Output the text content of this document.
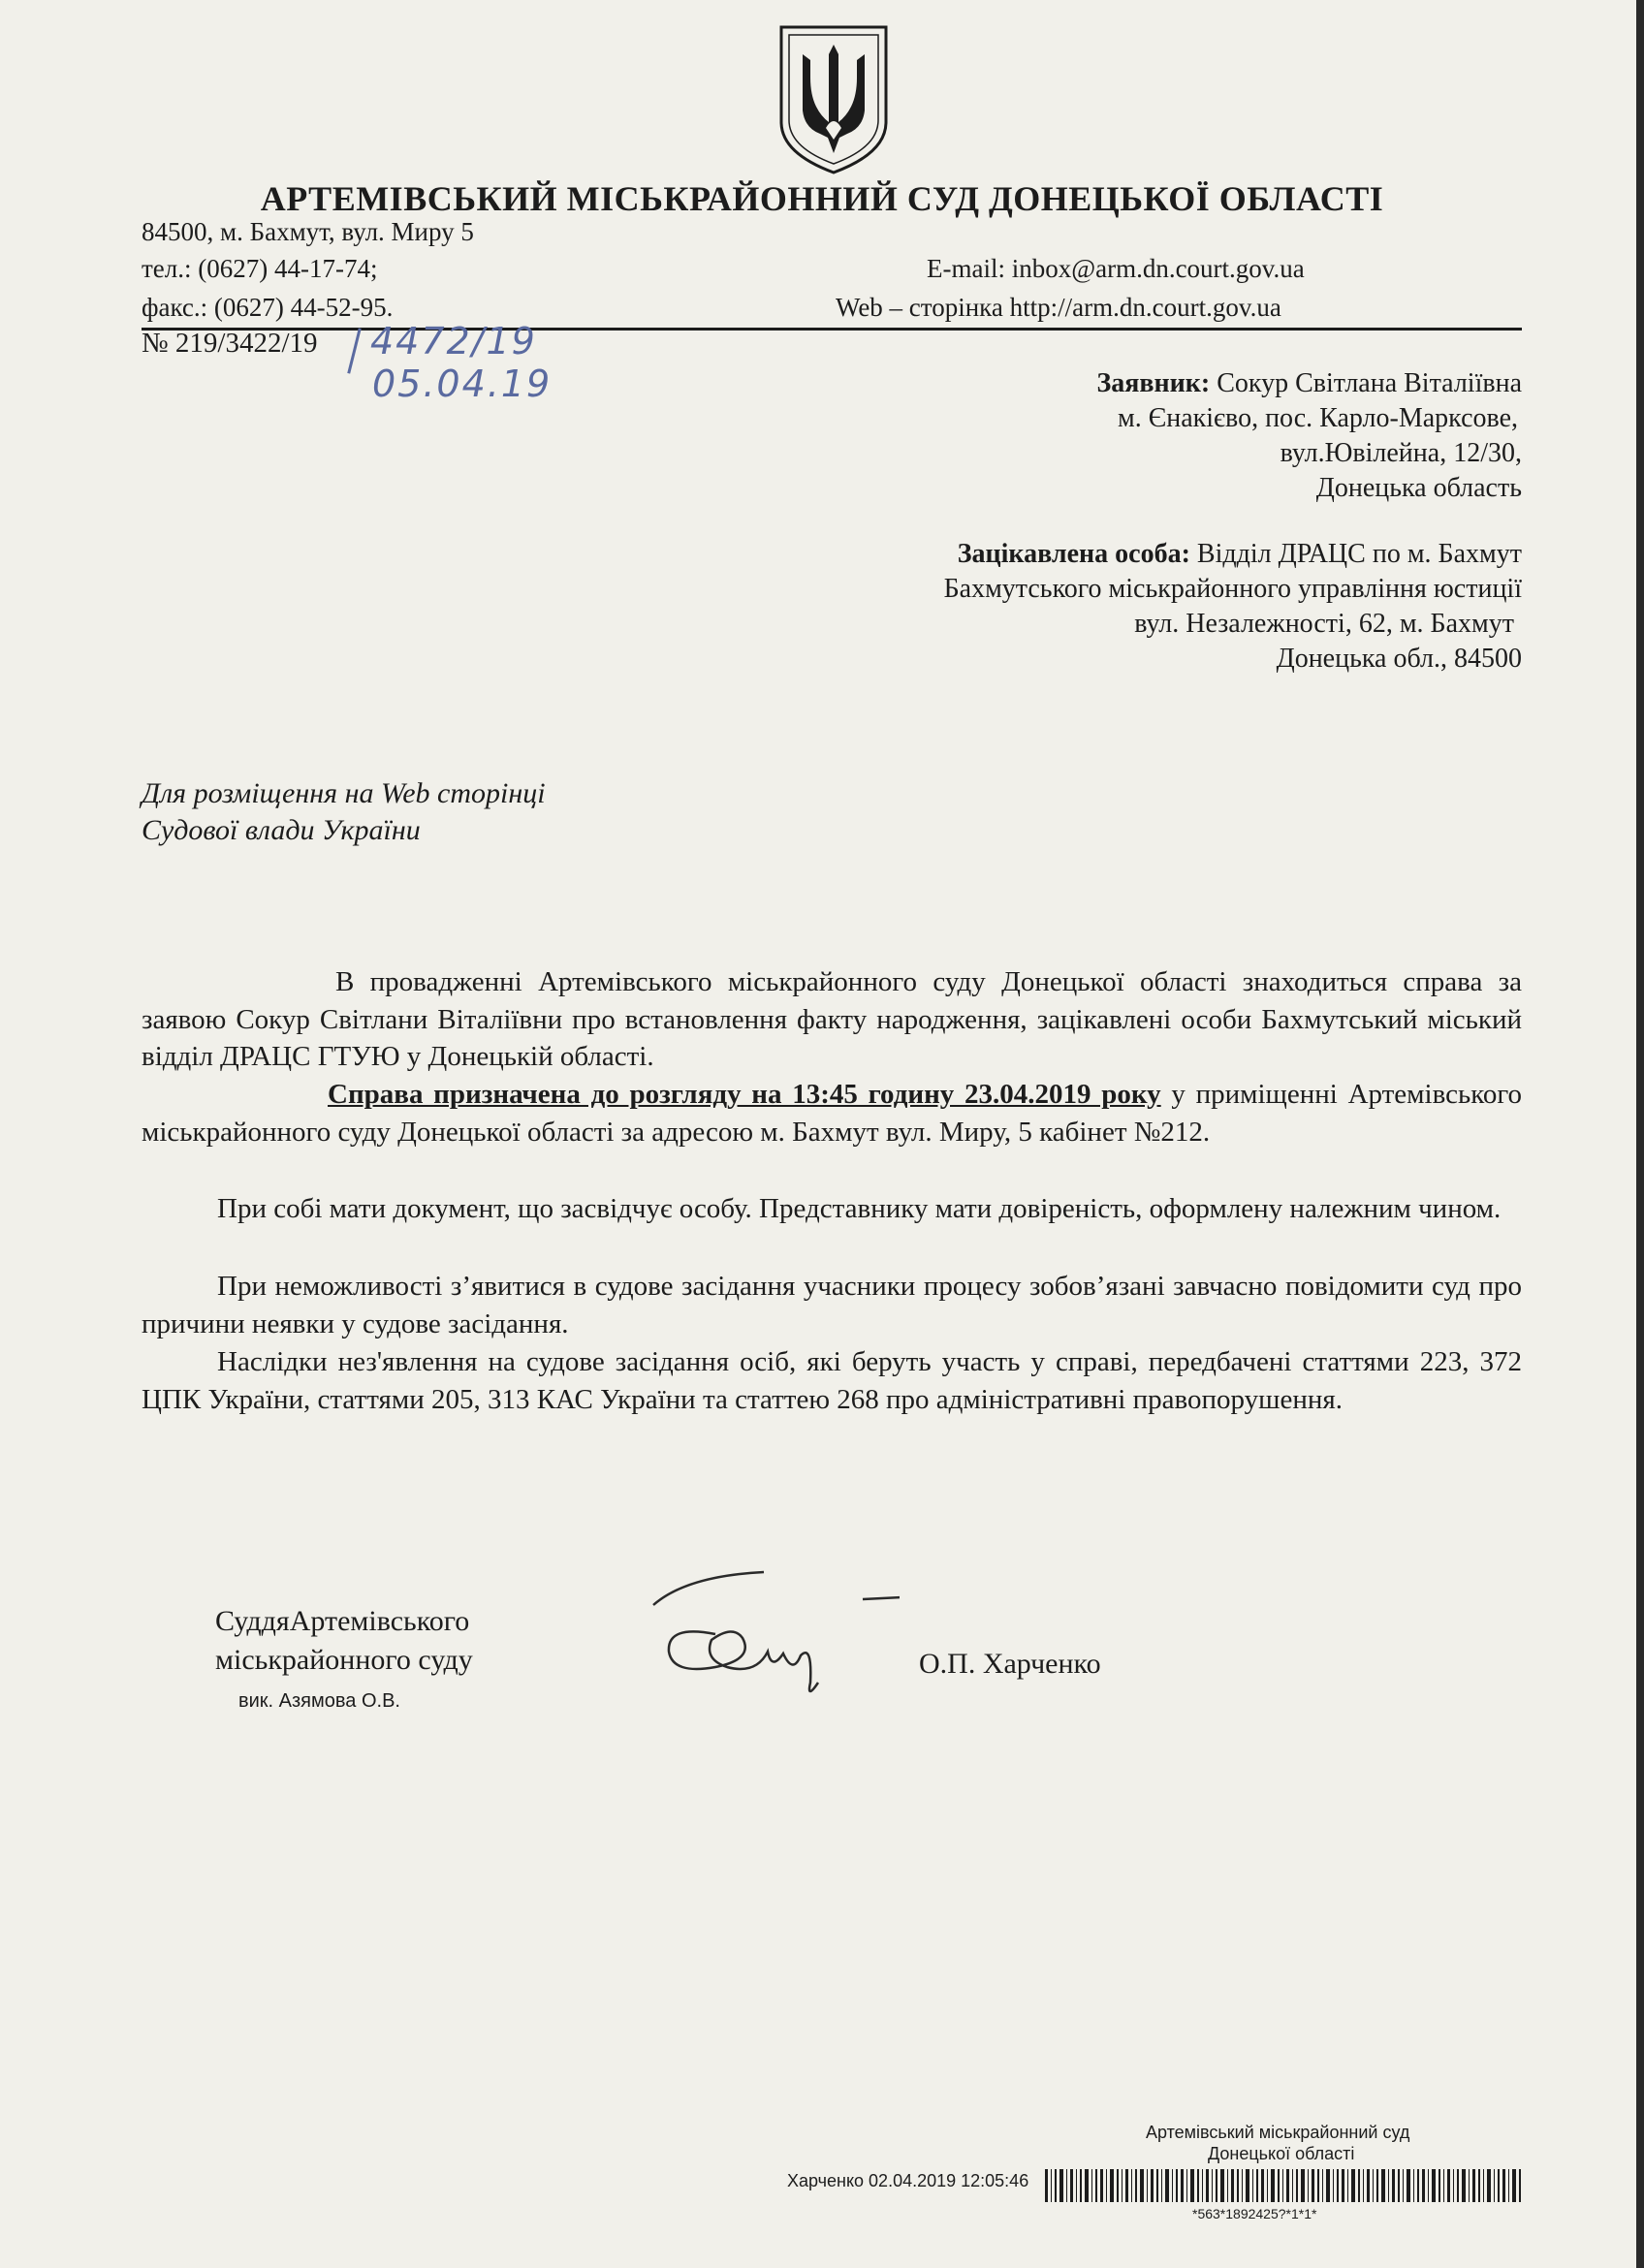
АРТЕМІВСЬКИЙ МІСЬКРАЙОННИЙ СУД ДОНЕЦЬКОЇ ОБЛАСТІ
84500, м. Бахмут, вул. Миру 5
тел.: (0627) 44-17-74;
факс.: (0627) 44-52-95.
E-mail: inbox@arm.dn.court.gov.ua
Web – сторінка http://arm.dn.court.gov.ua
№ 219/3422/19 4472/19
05.04.19	Заявник: Сокур Світлана Віталіївна
м. Єнакієво, пос. Карло-Марксове,
вул.Ювілейна, 12/30,
Донецька область
Зацікавлена особа: Відділ ДРАЦС по м. Бахмут
Бахмутського міськрайонного управління юстиції
вул. Незалежності, 62, м. Бахмут
Донецька обл., 84500
Для розміщення на Web сторінці
Судової влади України
В провадженні Артемівського міськрайонного суду Донецької області знаходиться справа за заявою Сокур Світлани Віталіївни про встановлення факту народження, зацікавлені особи Бахмутський міський відділ ДРАЦС ГТУЮ у Донецькій області.
Справа призначена до розгляду на 13:45 годину 23.04.2019 року у приміщенні Артемівського міськрайонного суду Донецької області за адресою м. Бахмут вул. Миру, 5 кабінет №212.
При собі мати документ, що засвідчує особу. Представнику мати довіреність, оформлену належним чином.
При неможливості з’явитися в судове засідання учасники процесу зобов’язані завчасно повідомити суд про причини неявки у судове засідання.
Наслідки нез'явлення на судове засідання осіб, які беруть участь у справі, передбачені статтями 223, 372 ЦПК України, статтями 205, 313 КАС України та статтею 268 про адміністративні правопорушення.
СуддяАртемівського
міськрайонного суду
вик. Азямова О.В.
О.П. Харченко
Артемівський міськрайонний суд
Донецької області
Харченко 02.04.2019 12:05:46
*563*1892425?*1*1*
